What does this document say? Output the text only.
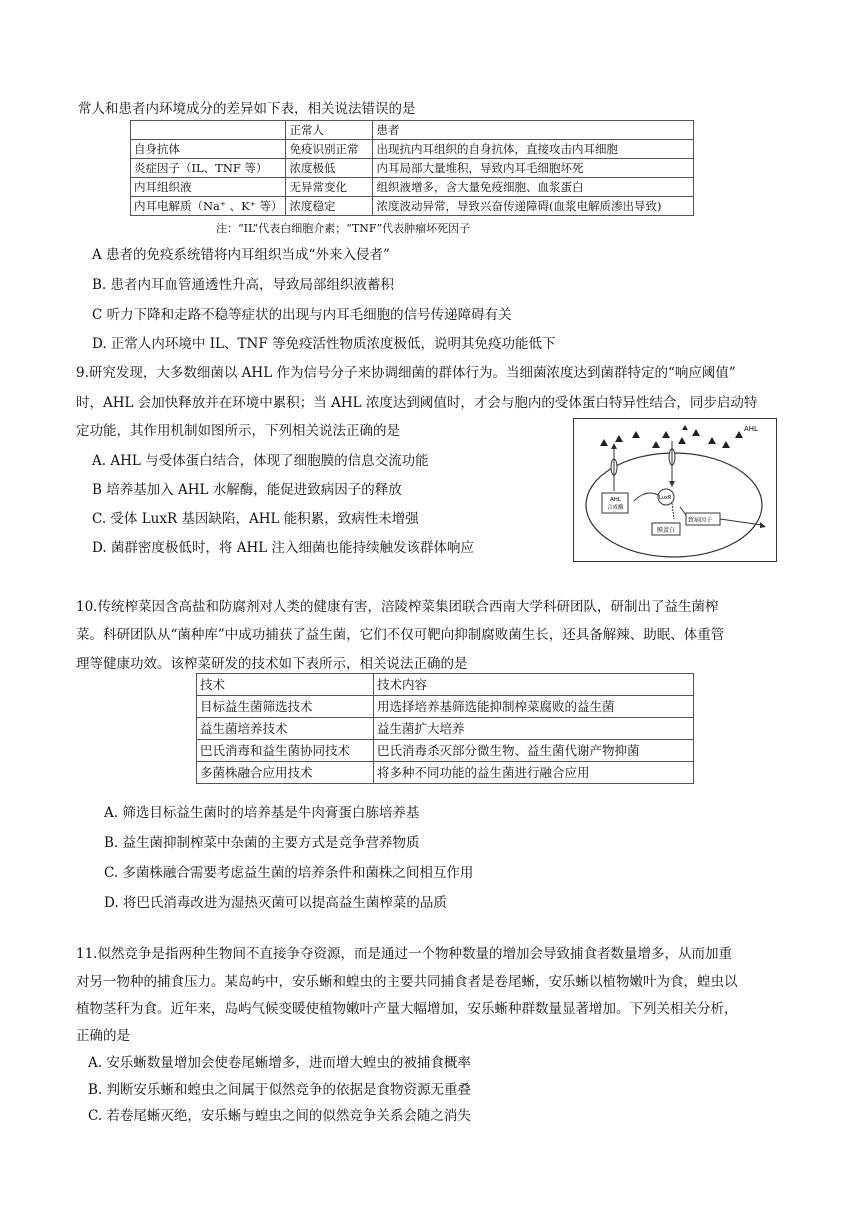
常人和患者内环境成分的差异如下表，相关说法错误的是
	正常人	患者
自身抗体	免疫识别正常	出现抗内耳组织的自身抗体，直接攻击内耳细胞
炎症因子（IL、TNF 等）	浓度极低	内耳局部大量堆积，导致内耳毛细胞坏死
内耳组织液	无异常变化	组织液增多，含大量免疫细胞、血浆蛋白
内耳电解质（Na⁺ 、K⁺ 等）	浓度稳定	浓度波动异常，导致兴奋传递障碍(血浆电解质渗出导致)
注：“IL”代表白细胞介素；“TNF”代表肿瘤坏死因子
A 患者的免疫系统错将内耳组织当成“外来入侵者”
B. 患者内耳血管通透性升高，导致局部组织液蓄积
C 听力下降和走路不稳等症状的出现与内耳毛细胞的信号传递障碍有关
D. 正常人内环境中 IL、TNF 等免疫活性物质浓度极低，说明其免疫功能低下
9.研究发现，大多数细菌以 AHL 作为信号分子来协调细菌的群体行为。当细菌浓度达到菌群特定的“响应阈值”
时，AHL 会加快释放并在环境中累积；当 AHL 浓度达到阈值时，才会与胞内的受体蛋白特异性结合，同步启动特
定功能，其作用机制如图所示，下列相关说法正确的是
A. AHL 与受体蛋白结合，体现了细胞膜的信息交流功能
B 培养基加入 AHL 水解酶，能促进致病因子的释放
C. 受体 LuxR 基因缺陷，AHL 能积累，致病性未增强
D. 菌群密度极低时，将 AHL 注入细菌也能持续触发该群体响应
AHL
AHL
合成酶
LuxR
膜蛋白
致病因子
10.传统榨菜因含高盐和防腐剂对人类的健康有害，涪陵榨菜集团联合西南大学科研团队，研制出了益生菌榨
菜。科研团队从“菌种库”中成功捕获了益生菌，它们不仅可靶向抑制腐败菌生长，还具备解辣、助眠、体重管
理等健康功效。该榨菜研发的技术如下表所示，相关说法正确的是
技术	技术内容
目标益生菌筛选技术	用选择培养基筛选能抑制榨菜腐败的益生菌
益生菌培养技术	益生菌扩大培养
巴氏消毒和益生菌协同技术	巴氏消毒杀灭部分微生物、益生菌代谢产物抑菌
多菌株融合应用技术	将多种不同功能的益生菌进行融合应用
A. 筛选目标益生菌时的培养基是牛肉膏蛋白胨培养基
B. 益生菌抑制榨菜中杂菌的主要方式是竞争营养物质
C. 多菌株融合需要考虑益生菌的培养条件和菌株之间相互作用
D. 将巴氏消毒改进为湿热灭菌可以提高益生菌榨菜的品质
11.似然竞争是指两种生物间不直接争夺资源，而是通过一个物种数量的增加会导致捕食者数量增多，从而加重
对另一物种的捕食压力。某岛屿中，安乐蜥和蝗虫的主要共同捕食者是卷尾蜥，安乐蜥以植物嫩叶为食，蝗虫以
植物茎秆为食。近年来，岛屿气候变暖使植物嫩叶产量大幅增加，安乐蜥种群数量显著增加。下列关相关分析，
正确的是
A. 安乐蜥数量增加会使卷尾蜥增多，进而增大蝗虫的被捕食概率
B. 判断安乐蜥和蝗虫之间属于似然竞争的依据是食物资源无重叠
C. 若卷尾蜥灭绝，安乐蜥与蝗虫之间的似然竞争关系会随之消失
